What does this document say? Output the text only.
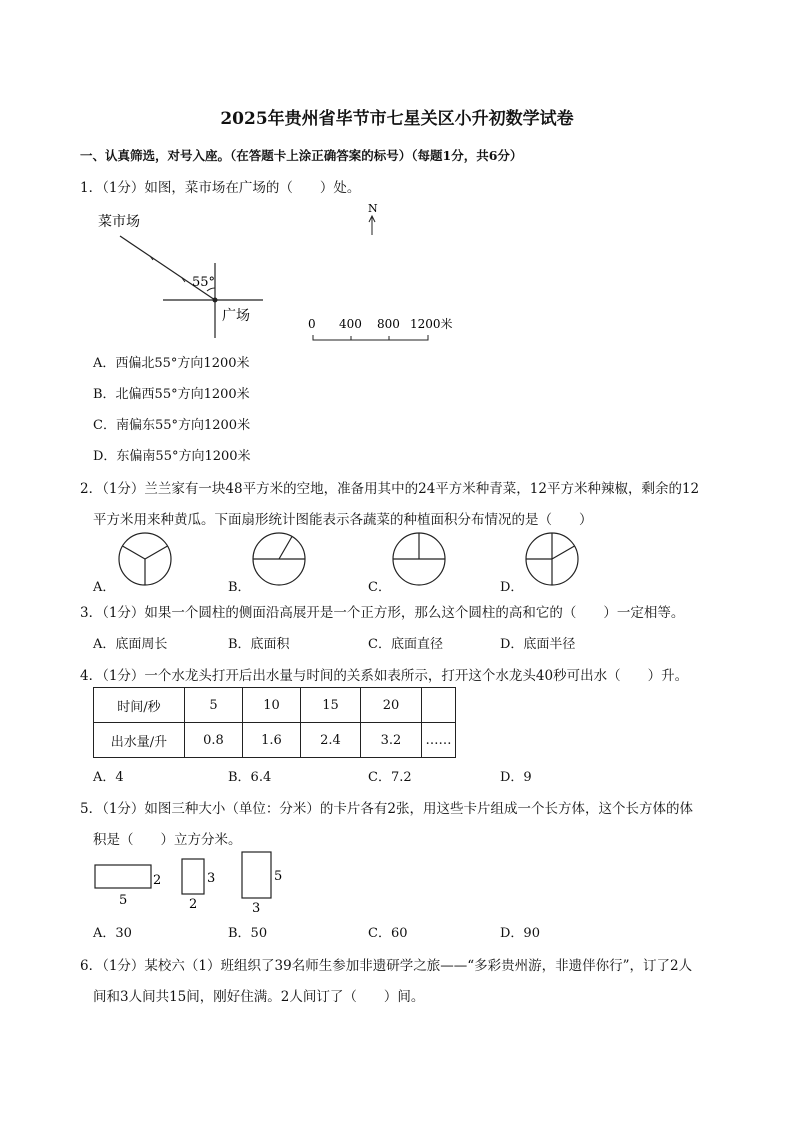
2025年贵州省毕节市七星关区小升初数学试卷
一、认真筛选，对号入座。（在答题卡上涂正确答案的标号）（每题1分，共6分）
1．（1分）如图，菜市场在广场的（　　）处。
菜市场
55°
广场
N
0 400 800 1200米
A．西偏北55°方向1200米
B．北偏西55°方向1200米
C．南偏东55°方向1200米
D．东偏南55°方向1200米
2．（1分）兰兰家有一块48平方米的空地，准备用其中的24平方米种青菜，12平方米种辣椒，剩余的12
平方米用来种黄瓜。下面扇形统计图能表示各蔬菜的种植面积分布情况的是（　　）
A．	B．	C．	D．
3．（1分）如果一个圆柱的侧面沿高展开是一个正方形，那么这个圆柱的高和它的（　　）一定相等。
A．底面周长	B．底面积	C．底面直径	D．底面半径
4．（1分）一个水龙头打开后出水量与时间的关系如表所示，打开这个水龙头40秒可出水（　　）升。
时间/秒	5	10	15	20	
出水量/升	0.8	1.6	2.4	3.2	……
A．4	B．6.4	C．7.2	D．9
5．（1分）如图三种大小（单位：分米）的卡片各有2张，用这些卡片组成一个长方体，这个长方体的体
积是（　　）立方分米。
5
2
2
3
3
5
A．30	B．50	C．60	D．90
6．（1分）某校六（1）班组织了39名师生参加非遗研学之旅——“多彩贵州游，非遗伴你行”，订了2人
间和3人间共15间，刚好住满。2人间订了（　　）间。
